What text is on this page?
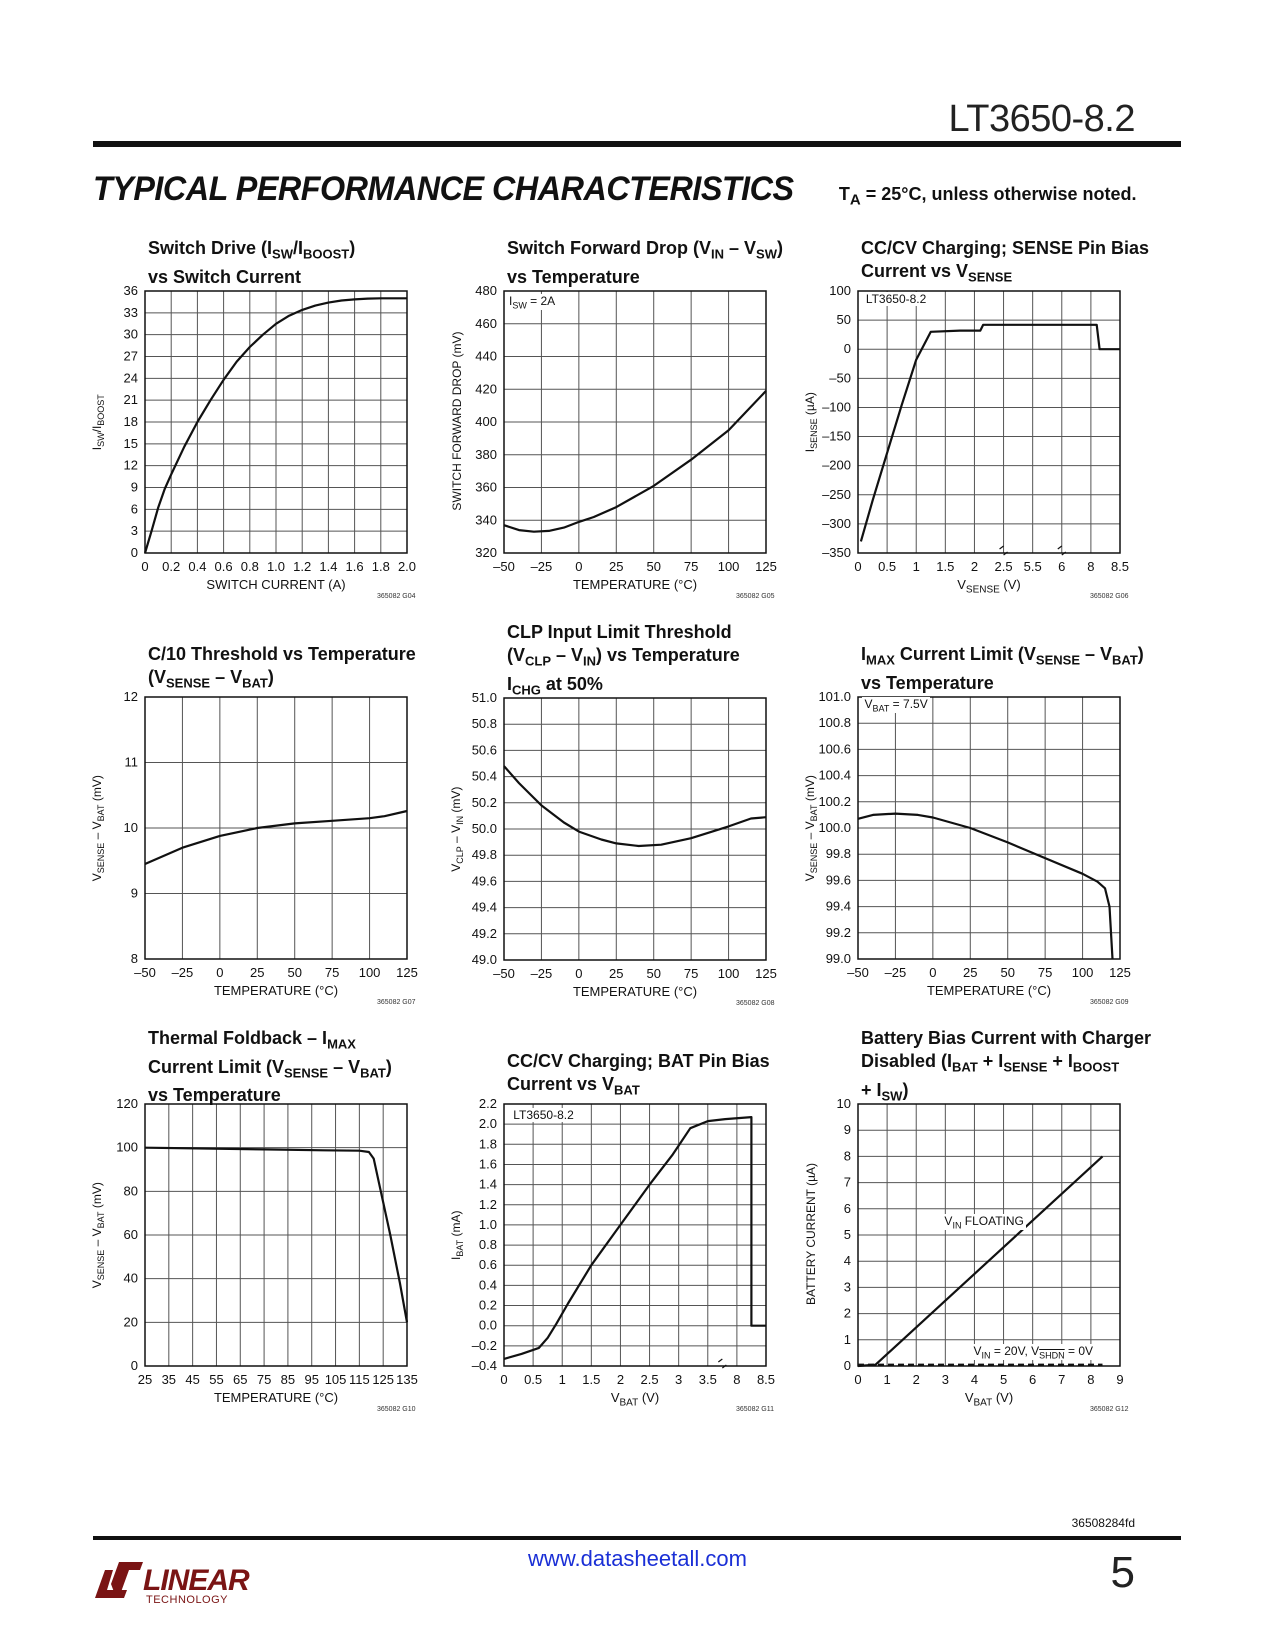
LT3650-8.2
TYPICAL PERFORMANCE CHARACTERISTICS	$T_A = 25^\circ C$, unless otherwise noted.
Switch Drive $(I_{SW}/I_{BOOST})$
vs Switch Current
0 0.2 0.4 0.6 0.8 1.0 1.2 1.4 1.6 1.8 2.0
0
3
6
9
12
15
18
21
24
27
30
33
36
SWITCH CURRENT (A)
$I_{SW}/I_{BOOST}$
365082 G04
Switch Forward Drop $(V_{IN} - V_{SW})$
vs Temperature
–50 –25 0 25 50 75 100 125
320
340
360
380
400
420
440
460
480
$I_{SW} = 2A$
TEMPERATURE (°C)
SWITCH FORWARD DROP (mV)
365082 G05
CC/CV Charging; SENSE Pin Bias
Current vs $V_{SENSE}$
0 0.5 1 1.5 2 2.5 5.5 6 8 8.5
–350
–300
–250
–200
–150
–100
–50
0
50
100
LT3650-8.2
$V_{SENSE}$ (V)
$I_{SENSE}$ (µA)
365082 G06
C/10 Threshold vs Temperature
$(V_{SENSE} - V_{BAT})$
–50 –25 0 25 50 75 100 125
8
9
10
11
12
TEMPERATURE (°C)
$V_{SENSE} - V_{BAT}$ (mV)
365082 G07
CLP Input Limit Threshold
$(V_{CLP} - V_{IN})$ vs Temperature
$I_{CHG}$ at 50%
–50 –25 0 25 50 75 100 125
49.0
49.2
49.4
49.6
49.8
50.0
50.2
50.4
50.6
50.8
51.0
TEMPERATURE (°C)
$V_{CLP} - V_{IN}$ (mV)
365082 G08
$I_{MAX}$ Current Limit $(V_{SENSE} - V_{BAT})$
vs Temperature
–50 –25 0 25 50 75 100 125
99.0
99.2
99.4
99.6
99.8
100.0
100.2
100.4
100.6
100.8
101.0 $V_{BAT} = 7.5V$
TEMPERATURE (°C)
$V_{SENSE} - V_{BAT}$ (mV)
365082 G09
Thermal Foldback – $I_{MAX}$
Current Limit $(V_{SENSE} - V_{BAT})$
vs Temperature
25 35 45 55 65 75 85 95 105 115 125 135
0
20
40
60
80
100
120
TEMPERATURE (°C)
$V_{SENSE} - V_{BAT}$ (mV)
365082 G10
CC/CV Charging; BAT Pin Bias
Current vs $V_{BAT}$
0 0.5 1 1.5 2 2.5 3 3.5 8 8.5
–0.4
–0.2
0.0
0.2
0.4
0.6
0.8
1.0
1.2
1.4
1.6
1.8
2.0
2.2
LT3650-8.2
$V_{BAT}$ (V)
$I_{BAT}$ (mA)
365082 G11
Battery Bias Current with Charger
Disabled ($I_{BAT} + I_{SENSE} + I_{BOOST}$
+ $I_{SW}$)
0 1 2 3 4 5 6 7 8 9
0
1
2
3
4
5
6
7
8
9
10
$V_{IN}$ FLOATING
$V_{IN} = 20V$, $V_{SHDN} = 0V$
$V_{BAT}$ (V)
BATTERY CURRENT (µA)
365082 G12
36508284fd
LINEAR
TECHNOLOGY
www.datasheetall.com	5
